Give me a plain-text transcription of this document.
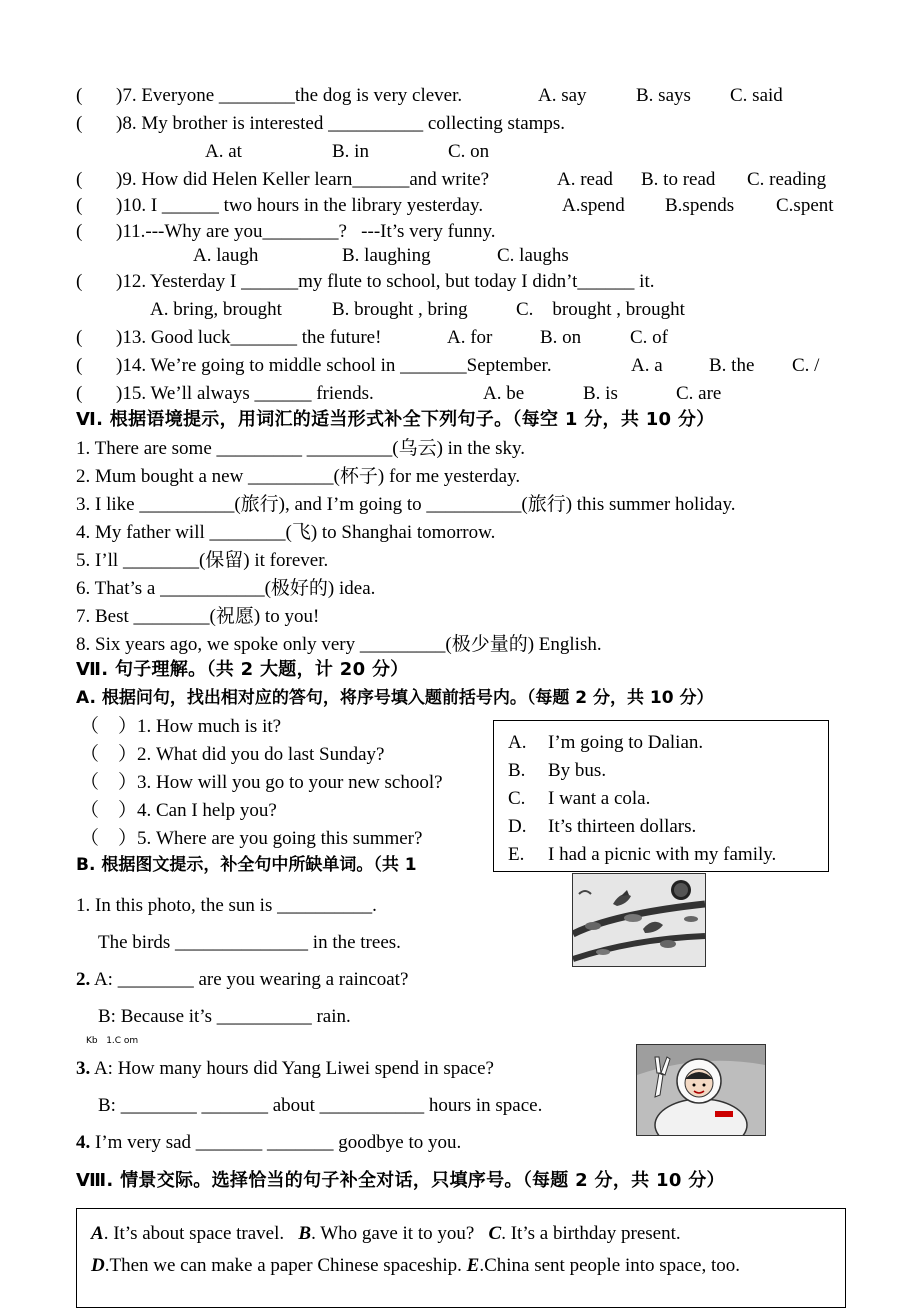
( )7. Everyone ________the dog is very clever.	A. say	B. says C. said
( )8. My brother is interested __________ collecting stamps.
A. at	B. in	C. on
( )9. How did Helen Keller learn______and write?	A. read B. to read C. reading
( )10. I ______ two hours in the library yesterday.	A.spend B.spends C.spent
( )11.---Why are you________?   ---It’s very funny.
A. laugh	B. laughing	C. laughs
( )12. Yesterday I ______my flute to school, but today I didn’t______ it.
A. bring, brought	B. brought , bring	C.    brought , brought
( )13. Good luck_______ the future!	A. for	B. on	C. of
( )14. We’re going to middle school in _______September.	A. a B. the C. /
( )15. We’ll always ______ friends.	A. be	B. is	C. are
Ⅵ. 根据语境提示，用词汇的适当形式补全下列句子。（每空 1 分，共 10 分）
1. There are some _________ _________(乌云) in the sky.
2. Mum bought a new _________(杯子) for me yesterday.
3. I like __________(旅行), and I’m going to __________(旅行) this summer holiday.
4. My father will ________(飞) to Shanghai tomorrow.
5. I’ll ________(保留) it forever.
6. That’s a ___________(极好的) idea.
7. Best ________(祝愿) to you!
8. Six years ago, we spoke only very _________(极少量的) English.
Ⅶ. 句子理解。（共 2 大题，计 20 分）
A. 根据问句，找出相对应的答句，将序号填入题前括号内。（每题 2 分，共 10 分）
（    ）1. How much is it?
（    ）2. What did you do last Sunday?
（    ）3. How will you go to your new school?
（    ）4. Can I help you?
（    ）5. Where are you going this summer?
B. 根据图文提示，补全句中所缺单词。（共 1
A. I’m going to Dalian.
B. By bus.
C. I want a cola.
D. It’s thirteen dollars.
E. I had a picnic with my family.
1. In this photo, the sun is __________.
The birds ______________ in the trees.
2. A: ________ are you wearing a raincoat?
B: Because it’s __________ rain.
Kb   1.C om
3. A: How many hours did Yang Liwei spend in space?
B: ________ _______ about ___________ hours in space.
4. I’m very sad _______ _______ goodbye to you.
Ⅷ. 情景交际。选择恰当的句子补全对话，只填序号。（每题 2 分，共 10 分）
A. It’s about space travel.   B. Who gave it to you?   C. It’s a birthday present.
D.Then we can make a paper Chinese spaceship. E.China sent people into space, too.
